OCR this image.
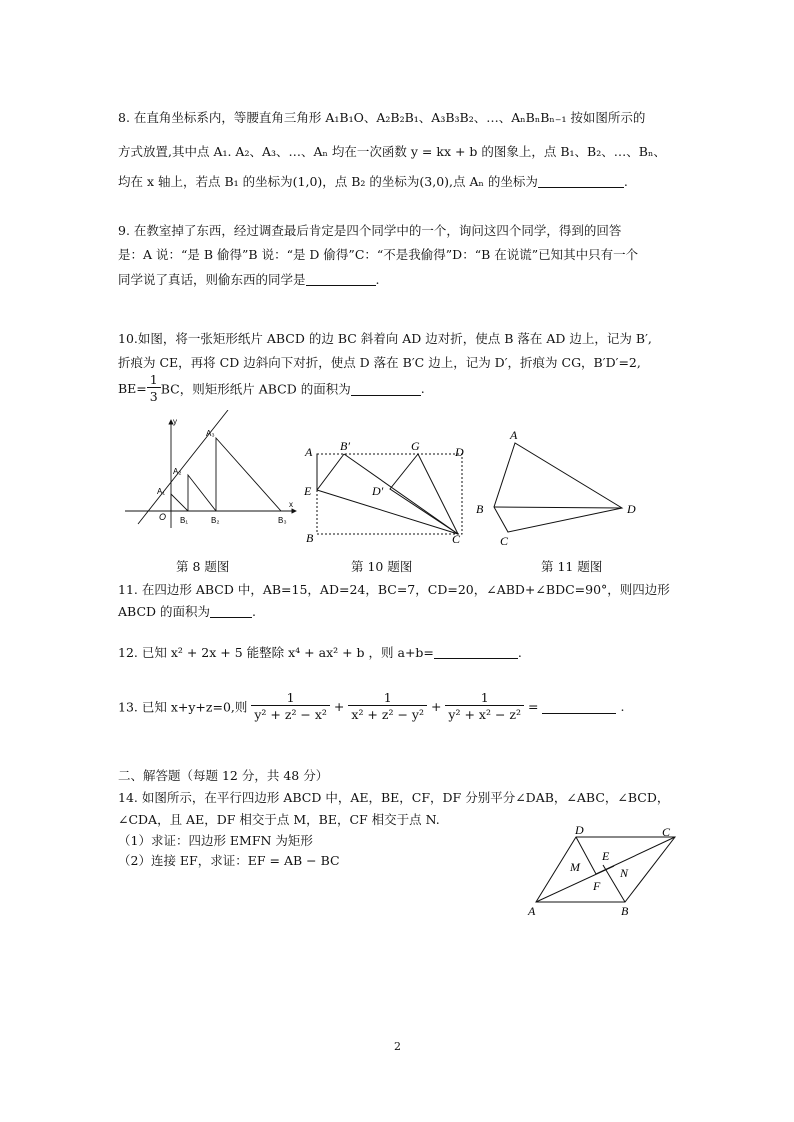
8. 在直角坐标系内，等腰直角三角形 A₁B₁O、A₂B₂B₁、A₃B₃B₂、…、AₙBₙBₙ₋₁ 按如图所示的
方式放置,其中点 A₁. A₂、A₃、…、Aₙ 均在一次函数 y = kx + b 的图象上，点 B₁、B₂、…、Bₙ、
均在 x 轴上，若点 B₁ 的坐标为(1,0)，点 B₂ 的坐标为(3,0),点 Aₙ 的坐标为	.
9. 在教室掉了东西，经过调查最后肯定是四个同学中的一个，询问这四个同学，得到的回答
是：A 说：“是 B 偷得”B 说：“是 D 偷得”C：“不是我偷得”D：“B 在说谎”已知其中只有一个
同学说了真话，则偷东西的同学是	.
10.如图，将一张矩形纸片 ABCD 的边 BC 斜着向 AD 边对折，使点 B 落在 AD 边上，记为 B′,
折痕为 CE，再将 CD 边斜向下对折，使点 D 落在 B′C 边上，记为 D′，折痕为 CG，B′D′=2,
$BE= \frac{1}{3}$ BC，则矩形纸片 ABCD 的面积为	.
y
x
O
A₁
A₂
A₃
B₁	B₂	B₃
A B′	G	D
E	D′
B	C
A
B
C
D
第 8 题图	第 10 题图	第 11 题图
11. 在四边形 ABCD 中，AB=15，AD=24，BC=7，CD=20，∠ABD+∠BDC=90°，则四边形
ABCD 的面积为	.
12. 已知 x² + 2x + 5 能整除 x⁴ + ax² + b ，则 a+b=	.
13. 已知 x+y+z=0,则 $\frac{1}{\text{y² + z² − x²}} + \frac{1}{\text{x² + z² − y²}} + \frac{1}{\text{y² + x² − z²}}$ =	.
二、解答题（每题 12 分，共 48 分）
14. 如图所示，在平行四边形 ABCD 中，AE，BE，CF，DF 分别平分∠DAB，∠ABC，∠BCD，
∠CDA，且 AE，DF 相交于点 M，BE，CF 相交于点 N.
（1）求证：四边形 EMFN 为矩形
（2）连接 EF，求证：EF = AB − BC
D	C
E
M	N
F
A	B
2
